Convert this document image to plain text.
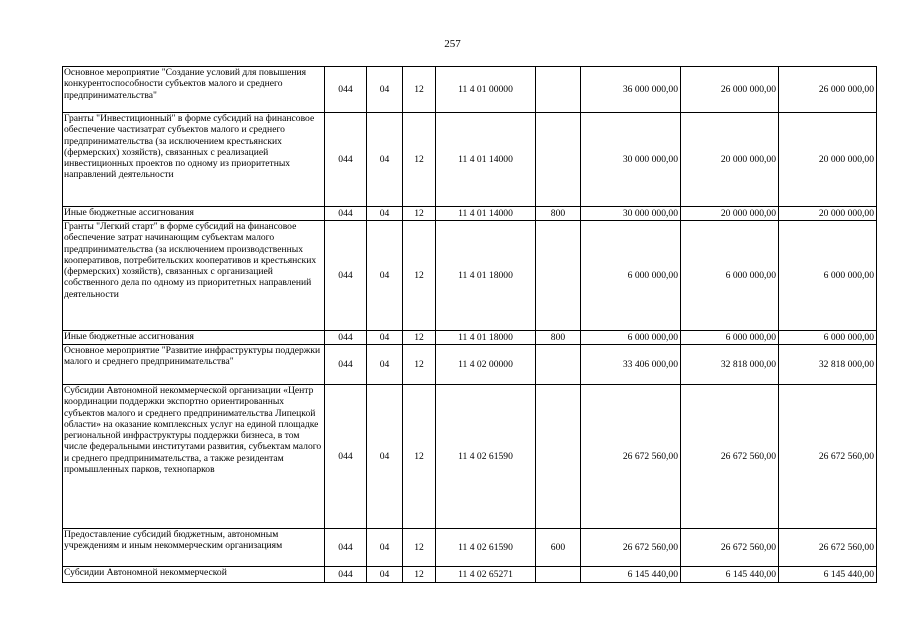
257
Основное мероприятие "Создание условий для повышения конкурентоспособности субъектов малого и среднего предпринимательства"	044	04	12	11 4 01 00000		36 000 000,00	26 000 000,00	26 000 000,00
Гранты "Инвестиционный" в форме субсидий на финансовое обеспечение частизатрат субъектов малого и среднего предпринимательства (за исключением крестьянских (фермерских) хозяйств), связанных с реализацией инвестиционных проектов по одному из приоритетных направлений деятельности	044	04	12	11 4 01 14000		30 000 000,00	20 000 000,00	20 000 000,00
Иные бюджетные ассигнования	044	04	12	11 4 01 14000	800	30 000 000,00	20 000 000,00	20 000 000,00
Гранты "Легкий старт" в форме субсидий на финансовое обеспечение затрат начинающим субъектам малого предпринимательства (за исключением производственных кооперативов, потребительских кооперативов и крестьянских (фермерских) хозяйств), связанных с организацией собственного дела по одному из приоритетных направлений деятельности	044	04	12	11 4 01 18000		6 000 000,00	6 000 000,00	6 000 000,00
Иные бюджетные ассигнования	044	04	12	11 4 01 18000	800	6 000 000,00	6 000 000,00	6 000 000,00
Основное мероприятие "Развитие инфраструктуры поддержки малого и среднего предпринимательства"	044	04	12	11 4 02 00000		33 406 000,00	32 818 000,00	32 818 000,00
Субсидии Автономной некоммерческой организации «Центр координации поддержки экспортно ориентированных субъектов малого и среднего предпринимательства Липецкой области» на оказание комплексных услуг на единой площадке региональной инфраструктуры поддержки бизнеса, в том числе федеральными институтами развития, субъектам малого и среднего предпринимательства, а также резидентам промышленных парков, технопарков	044	04	12	11 4 02 61590		26 672 560,00	26 672 560,00	26 672 560,00
Предоставление субсидий бюджетным, автономным учреждениям и иным некоммерческим организациям	044	04	12	11 4 02 61590	600	26 672 560,00	26 672 560,00	26 672 560,00
Субсидии Автономной некоммерческой	044	04	12	11 4 02 65271		6 145 440,00	6 145 440,00	6 145 440,00
